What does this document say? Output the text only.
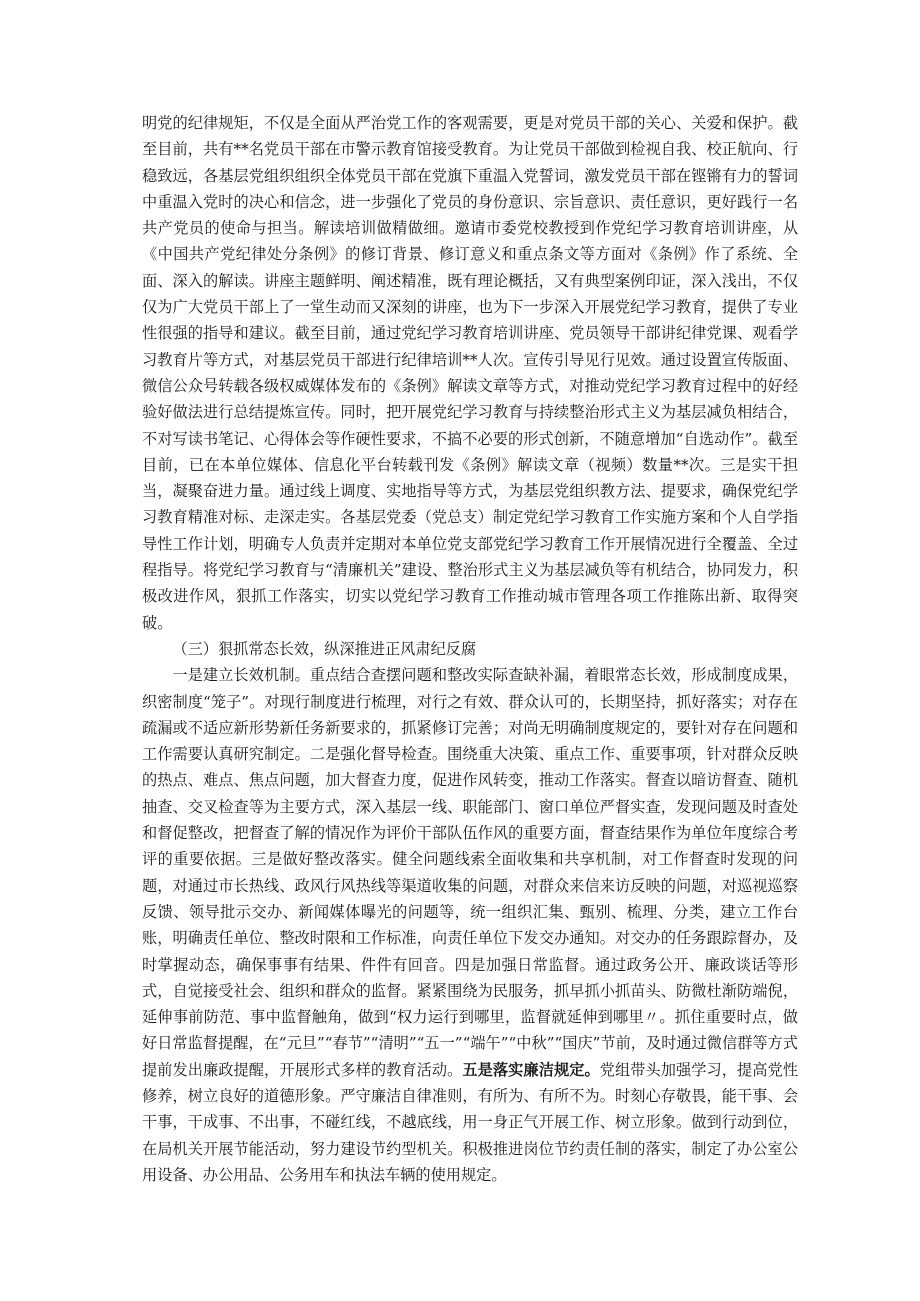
明党的纪律规矩，不仅是全面从严治党工作的客观需要，更是对党员干部的关心、关爱和保护。截至目前，共有**名党员干部在市警示教育馆接受教育。为让党员干部做到检视自我、校正航向、行稳致远，各基层党组织组织全体党员干部在党旗下重温入党誓词，激发党员干部在铿锵有力的誓词中重温入党时的决心和信念，进一步强化了党员的身份意识、宗旨意识、责任意识，更好践行一名共产党员的使命与担当。解读培训做精做细。邀请市委党校教授到作党纪学习教育培训讲座，从《中国共产党纪律处分条例》的修订背景、修订意义和重点条文等方面对《条例》作了系统、全面、深入的解读。讲座主题鲜明、阐述精准，既有理论概括，又有典型案例印证，深入浅出，不仅仅为广大党员干部上了一堂生动而又深刻的讲座，也为下一步深入开展党纪学习教育，提供了专业性很强的指导和建议。截至目前，通过党纪学习教育培训讲座、党员领导干部讲纪律党课、观看学习教育片等方式，对基层党员干部进行纪律培训**人次。宣传引导见行见效。通过设置宣传版面、微信公众号转载各级权威媒体发布的《条例》解读文章等方式，对推动党纪学习教育过程中的好经验好做法进行总结提炼宣传。同时，把开展党纪学习教育与持续整治形式主义为基层减负相结合，不对写读书笔记、心得体会等作硬性要求，不搞不必要的形式创新，不随意增加“自选动作”。截至目前，已在本单位媒体、信息化平台转载刊发《条例》解读文章（视频）数量**次。三是实干担当，凝聚奋进力量。通过线上调度、实地指导等方式，为基层党组织教方法、提要求，确保党纪学习教育精准对标、走深走实。各基层党委（党总支）制定党纪学习教育工作实施方案和个人自学指导性工作计划，明确专人负责并定期对本单位党支部党纪学习教育工作开展情况进行全覆盖、全过程指导。将党纪学习教育与“清廉机关”建设、整治形式主义为基层减负等有机结合，协同发力，积极改进作风，狠抓工作落实，切实以党纪学习教育工作推动城市管理各项工作推陈出新、取得突破。

（三）狠抓常态长效，纵深推进正风肃纪反腐

一是建立长效机制。重点结合查摆问题和整改实际查缺补漏，着眼常态长效，形成制度成果，织密制度“笼子”。对现行制度进行梳理，对行之有效、群众认可的，长期坚持，抓好落实；对存在疏漏或不适应新形势新任务新要求的，抓紧修订完善；对尚无明确制度规定的，要针对存在问题和工作需要认真研究制定。二是强化督导检查。围绕重大决策、重点工作、重要事项，针对群众反映的热点、难点、焦点问题，加大督查力度，促进作风转变，推动工作落实。督查以暗访督查、随机抽查、交叉检查等为主要方式，深入基层一线、职能部门、窗口单位严督实查，发现问题及时查处和督促整改，把督查了解的情况作为评价干部队伍作风的重要方面，督查结果作为单位年度综合考评的重要依据。三是做好整改落实。健全问题线索全面收集和共享机制，对工作督查时发现的问题，对通过市长热线、政风行风热线等渠道收集的问题，对群众来信来访反映的问题，对巡视巡察反馈、领导批示交办、新闻媒体曝光的问题等，统一组织汇集、甄别、梳理、分类，建立工作台账，明确责任单位、整改时限和工作标准，向责任单位下发交办通知。对交办的任务跟踪督办，及时掌握动态，确保事事有结果、件件有回音。四是加强日常监督。通过政务公开、廉政谈话等形式，自觉接受社会、组织和群众的监督。紧紧围绕为民服务，抓早抓小抓苗头、防微杜渐防端倪，延伸事前防范、事中监督触角，做到“权力运行到哪里，监督就延伸到哪里〃。抓住重要时点，做好日常监督提醒，在“元旦”“春节”“清明”“五一”“端午”“中秋”“国庆”节前，及时通过微信群等方式提前发出廉政提醒，开展形式多样的教育活动。五是落实廉洁规定。党组带头加强学习，提高党性修养，树立良好的道德形象。严守廉洁自律准则，有所为、有所不为。时刻心存敬畏，能干事、会干事，干成事、不出事，不碰红线，不越底线，用一身正气开展工作、树立形象。做到行动到位，在局机关开展节能活动，努力建设节约型机关。积极推进岗位节约责任制的落实，制定了办公室公用设备、办公用品、公务用车和执法车辆的使用规定。
